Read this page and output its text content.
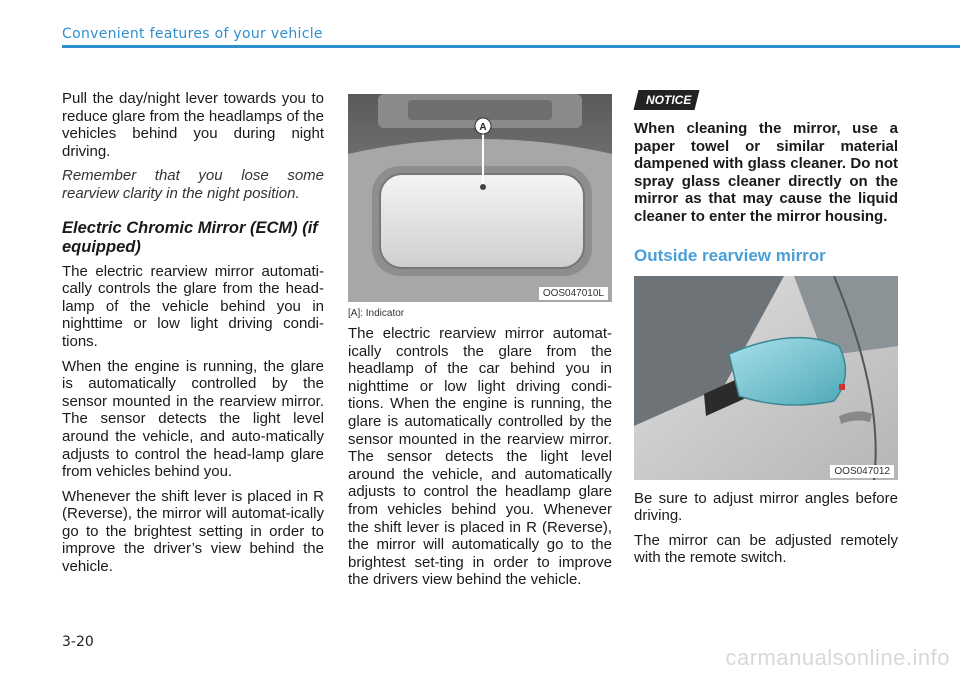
Convenient features of your vehicle

Pull the day/night lever towards you to reduce glare from the headlamps of the vehicles behind you during night driving.

Remember that you lose some rearview clarity in the night position.

Electric Chromic Mirror (ECM) (if equipped)

The electric rearview mirror automati-cally controls the glare from the head-lamp of the vehicle behind you in nighttime or low light driving condi-tions.

When the engine is running, the glare is automatically controlled by the sensor mounted in the rearview mirror. The sensor detects the light level around the vehicle, and auto-matically adjusts to control the head-lamp glare from vehicles behind you.

Whenever the shift lever is placed in R (Reverse), the mirror will automat-ically go to the brightest setting in order to improve the driver’s view behind the vehicle.

A
OOS047010L
[A]: Indicator

The electric rearview mirror automat-ically controls the glare from the headlamp of the car behind you in nighttime or low light driving condi-tions. When the engine is running, the glare is automatically controlled by the sensor mounted in the rearview mirror. The sensor detects the light level around the vehicle, and automatically adjusts to control the headlamp glare from vehicles behind you. Whenever the shift lever is placed in R (Reverse), the mirror will automatically go to the brightest set-ting in order to improve the drivers view behind the vehicle.

NOTICE

When cleaning the mirror, use a paper towel or similar material dampened with glass cleaner. Do not spray glass cleaner directly on the mirror as that may cause the liquid cleaner to enter the mirror housing.

Outside rearview mirror
OOS047012

Be sure to adjust mirror angles before driving.

The mirror can be adjusted remotely with the remote switch.

3-20
carmanualsonline.info
